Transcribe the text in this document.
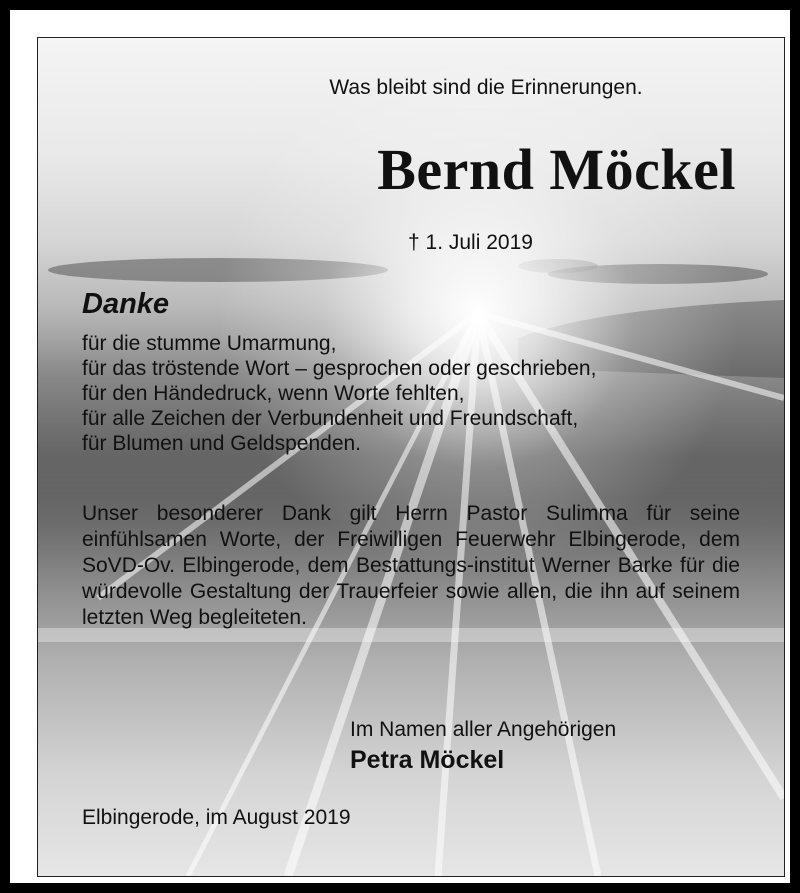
Was bleibt sind die Erinnerungen.
Bernd Möckel
† 1. Juli 2019
Danke
für die stumme Umarmung,
für das tröstende Wort – gesprochen oder geschrieben,
für den Händedruck, wenn Worte fehlten,
für alle Zeichen der Verbundenheit und Freundschaft,
für Blumen und Geldspenden.
Unser besonderer Dank gilt Herrn Pastor Sulimma für seine einfühlsamen Worte, der Freiwilligen Feuerwehr Elbingerode, dem SoVD-Ov. Elbingerode, dem Bestattungs-institut Werner Barke für die würdevolle Gestaltung der Trauerfeier sowie allen, die ihn auf seinem letzten Weg begleiteten.
Im Namen aller Angehörigen
Petra Möckel
Elbingerode, im August 2019
